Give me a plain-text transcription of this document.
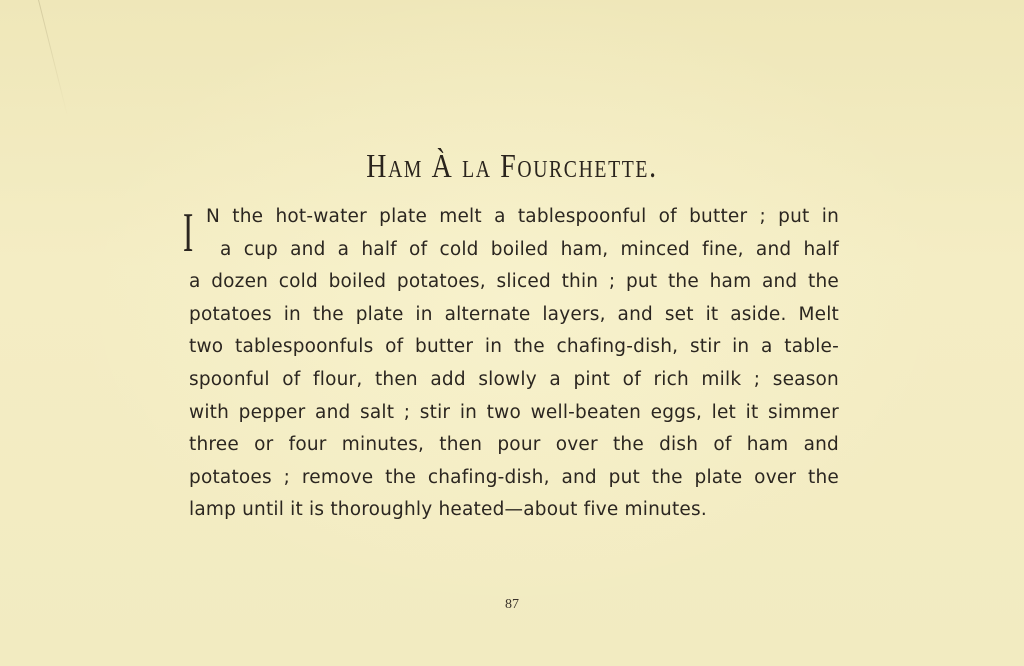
Ham À la Fourchette.
I N the hot-water plate melt a tablespoonful of butter ; put in
a cup and a half of cold boiled ham, minced fine, and half
a dozen cold boiled potatoes, sliced thin ; put the ham and the
potatoes in the plate in alternate layers, and set it aside. Melt
two tablespoonfuls of butter in the chafing-dish, stir in a table-
spoonful of flour, then add slowly a pint of rich milk ; season
with pepper and salt ; stir in two well-beaten eggs, let it simmer
three or four minutes, then pour over the dish of ham and
potatoes ; remove the chafing-dish, and put the plate over the
lamp until it is thoroughly heated—about five minutes.
87
